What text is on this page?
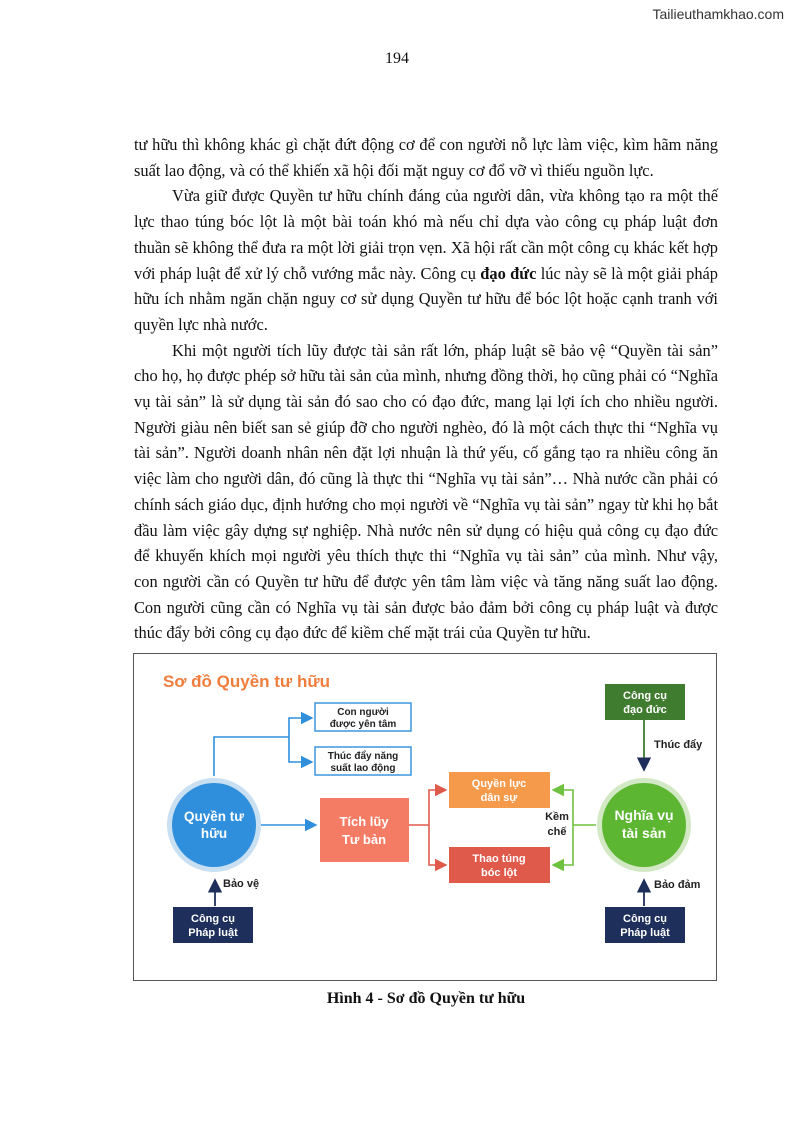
Tailieuthamkhao.com
194

tư hữu thì không khác gì chặt đứt động cơ để con người nỗ lực làm việc, kìm hãm năng suất lao động, và có thể khiến xã hội đối mặt nguy cơ đổ vỡ vì thiếu nguồn lực.

Vừa giữ được Quyền tư hữu chính đáng của người dân, vừa không tạo ra một thế lực thao túng bóc lột là một bài toán khó mà nếu chỉ dựa vào công cụ pháp luật đơn thuần sẽ không thể đưa ra một lời giải trọn vẹn. Xã hội rất cần một công cụ khác kết hợp với pháp luật để xử lý chỗ vướng mắc này. Công cụ đạo đức lúc này sẽ là một giải pháp hữu ích nhằm ngăn chặn nguy cơ sử dụng Quyền tư hữu để bóc lột hoặc cạnh tranh với quyền lực nhà nước.

Khi một người tích lũy được tài sản rất lớn, pháp luật sẽ bảo vệ “Quyền tài sản” cho họ, họ được phép sở hữu tài sản của mình, nhưng đồng thời, họ cũng phải có “Nghĩa vụ tài sản” là sử dụng tài sản đó sao cho có đạo đức, mang lại lợi ích cho nhiều người. Người giàu nên biết san sẻ giúp đỡ cho người nghèo, đó là một cách thực thi “Nghĩa vụ tài sản”. Người doanh nhân nên đặt lợi nhuận là thứ yếu, cố gắng tạo ra nhiều công ăn việc làm cho người dân, đó cũng là thực thi “Nghĩa vụ tài sản”… Nhà nước cần phải có chính sách giáo dục, định hướng cho mọi người về “Nghĩa vụ tài sản” ngay từ khi họ bắt đầu làm việc gây dựng sự nghiệp. Nhà nước nên sử dụng có hiệu quả công cụ đạo đức để khuyến khích mọi người yêu thích thực thi “Nghĩa vụ tài sản” của mình. Như vậy, con người cần có Quyền tư hữu để được yên tâm làm việc và tăng năng suất lao động. Con người cũng cần có Nghĩa vụ tài sản được bảo đảm bởi công cụ pháp luật và được thúc đẩy bởi công cụ đạo đức để kiềm chế mặt trái của Quyền tư hữu.

Sơ đồ Quyền tư hữu
Quyền tư
hữu
Con người
được yên tâm
Thúc đẩy năng
suất lao động
Tích lũy
Tư bản
Quyền lực
dân sự
Thao túng
bóc lột
Kềm
chế
Nghĩa vụ
tài sản
Công cụ
đạo đức
Thúc đẩy
Bảo đảm
Công cụ
Pháp luật
Bảo vệ
Công cụ
Pháp luật
Hình 4 - Sơ đồ Quyền tư hữu
